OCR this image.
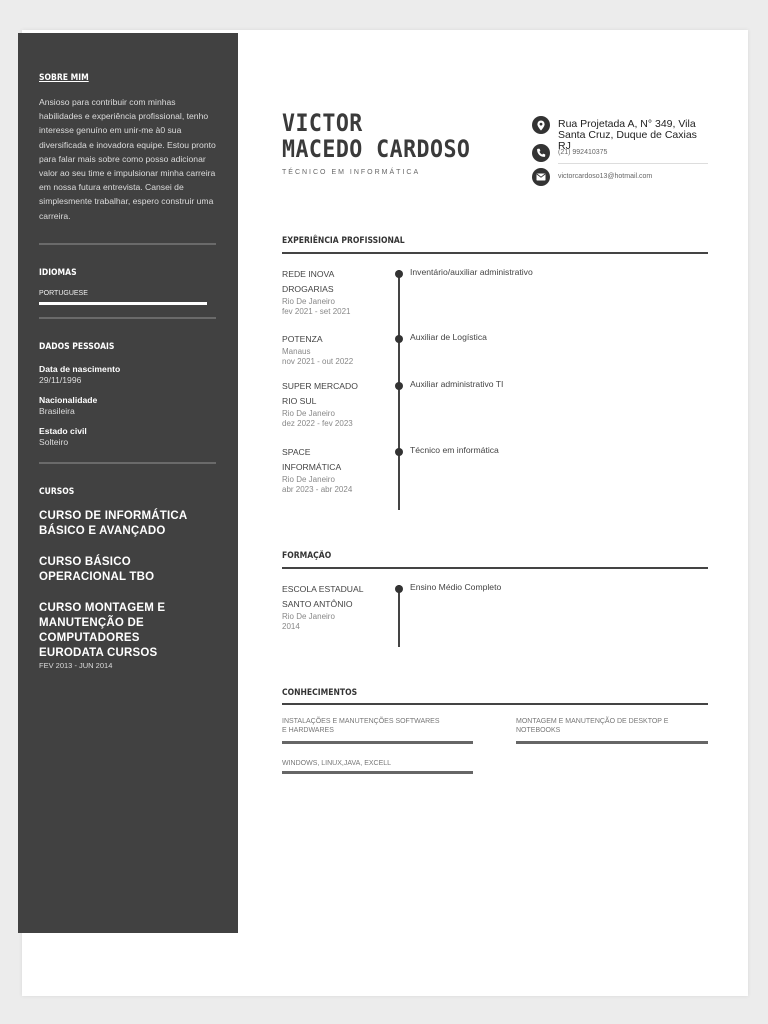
SOBRE MIM
Ansioso para contribuir com minhas habilidades e experiência profissional, tenho interesse genuíno em unir-me à0 sua diversificada e inovadora equipe. Estou pronto para falar mais sobre como posso adicionar valor ao seu time e impulsionar minha carreira em nossa futura entrevista. Cansei de simplesmente trabalhar, espero construir uma carreira.
IDIOMAS
PORTUGUESE
DADOS PESSOAIS
Data de nascimento
29/11/1996
Nacionalidade
Brasileira
Estado civil
Solteiro
CURSOS
CURSO DE INFORMÁTICA BÁSICO E AVANÇADO
CURSO BÁSICO OPERACIONAL TBO
CURSO MONTAGEM E MANUTENÇÃO DE COMPUTADORES EURODATA CURSOS
FEV 2013 - JUN 2014
VICTOR
MACEDO CARDOSO
TÉCNICO EM INFORMÁTICA
Rua Projetada A, N° 349, Vila
Santa Cruz, Duque de Caxias RJ
(21) 992410375
victorcardoso13@hotmail.com
EXPERIÊNCIA PROFISSIONAL
REDE INOVA
DROGARIAS
Rio De Janeiro
fev 2021 - set 2021
Inventário/auxiliar administrativo
POTENZA
Manaus
nov 2021 - out 2022
Auxiliar de Logística
SUPER MERCADO
RIO SUL
Rio De Janeiro
dez 2022 - fev 2023
Auxiliar administrativo TI
SPACE
INFORMÁTICA
Rio De Janeiro
abr 2023 - abr 2024
Técnico em informática
FORMAÇÃO
ESCOLA ESTADUAL
SANTO ANTÔNIO
Rio De Janeiro
2014
Ensino Médio Completo
CONHECIMENTOS
INSTALAÇÕES E MANUTENÇÕES SOFTWARES
E HARDWARES
MONTAGEM E MANUTENÇÃO DE DESKTOP E
NOTEBOOKS
WINDOWS, LINUX,JAVA, EXCELL
